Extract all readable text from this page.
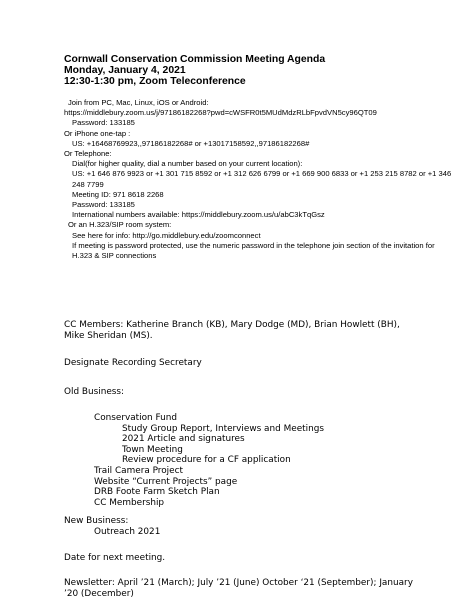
Cornwall Conservation Commission Meeting Agenda
Monday, January 4, 2021
12:30-1:30 pm, Zoom Teleconference
Join from PC, Mac, Linux, iOS or Android:
https://middlebury.zoom.us/j/97186182268?pwd=cWSFR0t5MUdMdzRLbFpvdVN5cy96QT09
Password: 133185
Or iPhone one-tap :
US: +16468769923,,97186182268# or +13017158592,,97186182268#
Or Telephone:
Dial(for higher quality, dial a number based on your current location):
US: +1 646 876 9923 or +1 301 715 8592 or +1 312 626 6799 or +1 669 900 6833 or +1 253 215 8782 or +1 346 248 7799
Meeting ID: 971 8618 2268
Password: 133185
International numbers available: https://middlebury.zoom.us/u/abC3kTqGsz
Or an H.323/SIP room system:
See here for info: http://go.middlebury.edu/zoomconnect
If meeting is password protected, use the numeric password in the telephone join section of the invitation for H.323 & SIP connections
CC Members: Katherine Branch (KB), Mary Dodge (MD), Brian Howlett (BH), Mike Sheridan (MS).
Designate Recording Secretary
Old Business:
Conservation Fund
Study Group Report, Interviews and Meetings
2021 Article and signatures
Town Meeting
Review procedure for a CF application
Trail Camera Project
Website “Current Projects” page
DRB Foote Farm Sketch Plan
CC Membership
New Business:
Outreach 2021
Date for next meeting.
Newsletter: April ’21 (March); July ’21 (June) October ‘21 (September); January ’20 (December)
